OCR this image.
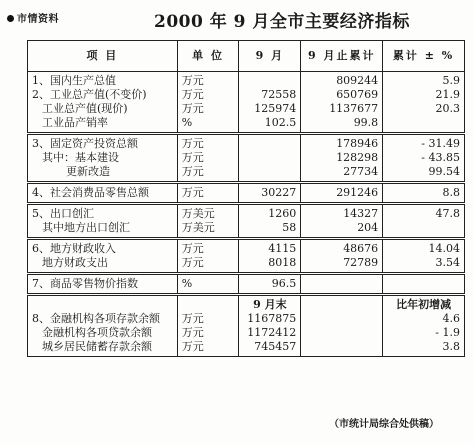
市情资料	2000 年 9 月全市主要经济指标
项 目	单 位	9 月	9 月止累计	累计 ± %
1、国内生产总值	万元		809244	5.9
2、工业总产值(不变价)	万元	72558	650769	21.9
工业总产值(现价)	万元	125974	1137677	20.3
工业品产销率	%	102.5	99.8	
3、固定资产投资总额	万元		178946	- 31.49
其中：基本建设	万元		128298	- 43.85
更新改造	万元		27734	99.54
4、社会消费品零售总额	万元	30227	291246	8.8
5、出口创汇	万美元	1260	14327	47.8
其中地方出口创汇	万美元	58	204	
6、地方财政收入	万元	4115	48676	14.04
地方财政支出	万元	8018	72789	3.54
7、商品零售物价指数	%	96.5		
		9 月末		比年初增减
8、金融机构各项存款余额	万元	1167875		4.6
金融机构各项贷款余额	万元	1172412		- 1.9
城乡居民储蓄存款余额	万元	745457		3.8
（市统计局综合处供稿）
